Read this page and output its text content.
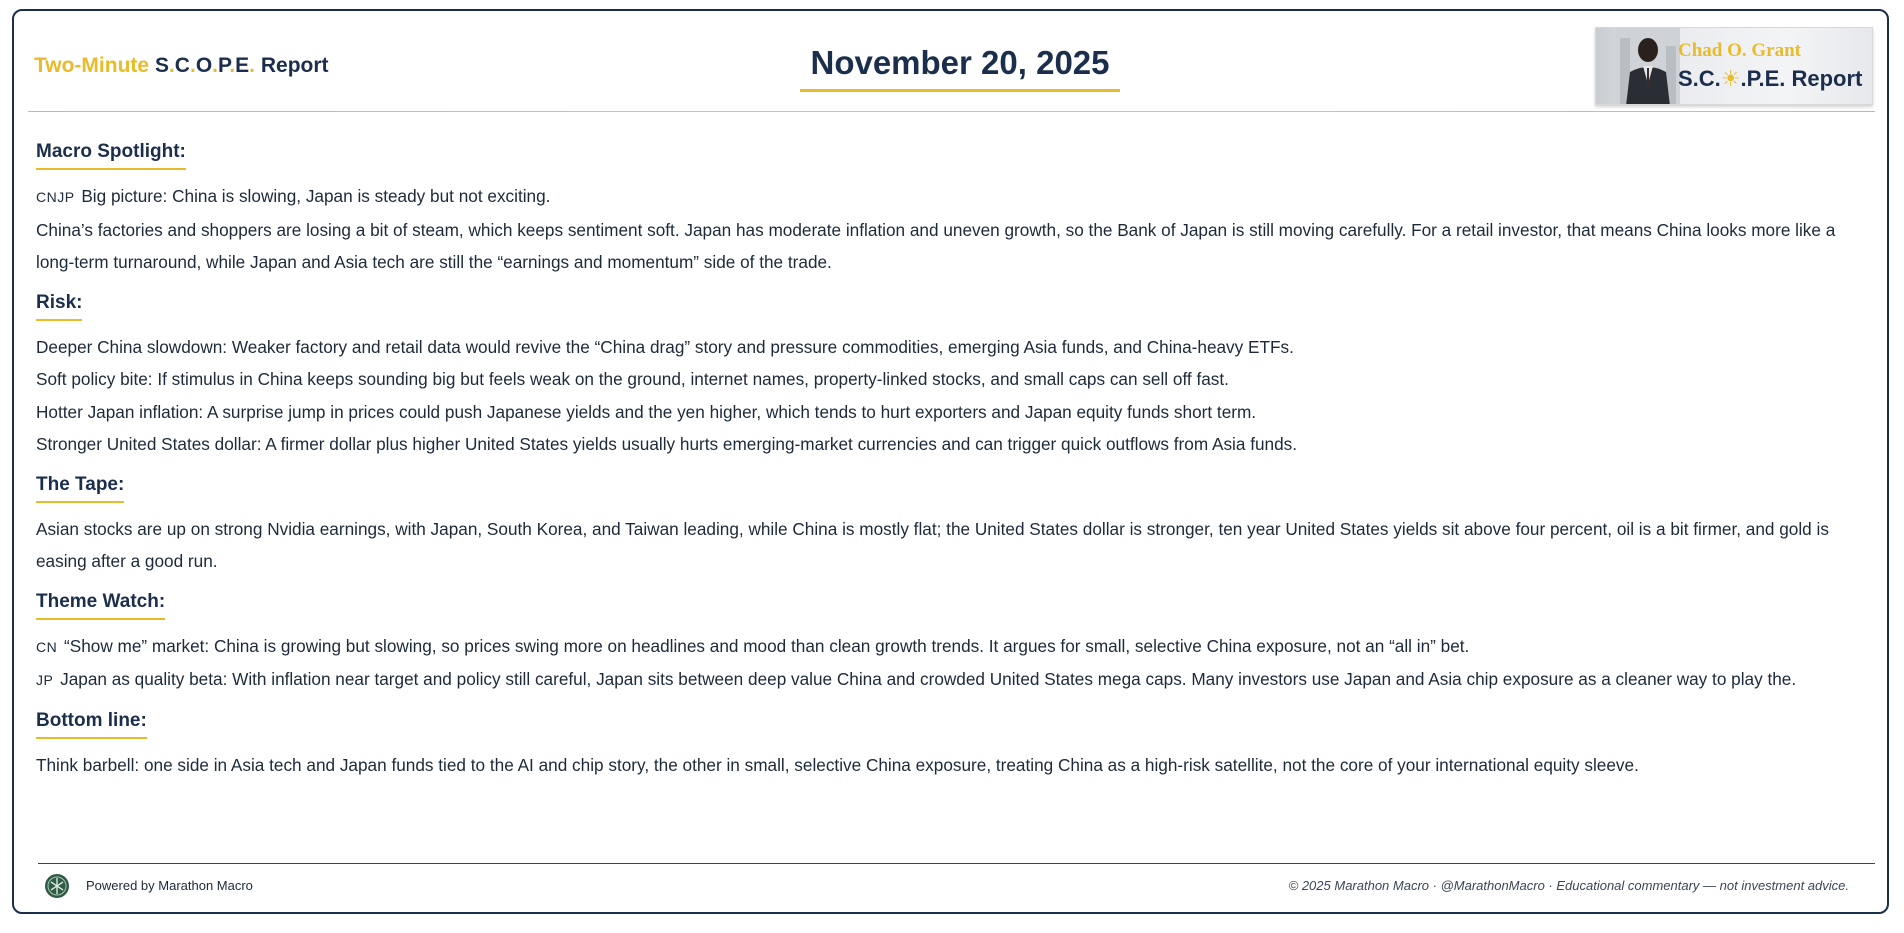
Two-Minute S.C.O.P.E. Report	November 20, 2025	Chad O. Grant
S.C.☀.P.E. Report
Macro Spotlight:
CNJP Big picture: China is slowing, Japan is steady but not exciting.
China’s factories and shoppers are losing a bit of steam, which keeps sentiment soft. Japan has moderate inflation and uneven growth, so the Bank of Japan is still moving carefully. For a retail investor, that means China looks more like a long-term turnaround, while Japan and Asia tech are still the “earnings and momentum” side of the trade.
Risk:
Deeper China slowdown: Weaker factory and retail data would revive the “China drag” story and pressure commodities, emerging Asia funds, and China-heavy ETFs.
Soft policy bite: If stimulus in China keeps sounding big but feels weak on the ground, internet names, property-linked stocks, and small caps can sell off fast.
Hotter Japan inflation: A surprise jump in prices could push Japanese yields and the yen higher, which tends to hurt exporters and Japan equity funds short term.
Stronger United States dollar: A firmer dollar plus higher United States yields usually hurts emerging-market currencies and can trigger quick outflows from Asia funds.
The Tape:
Asian stocks are up on strong Nvidia earnings, with Japan, South Korea, and Taiwan leading, while China is mostly flat; the United States dollar is stronger, ten year United States yields sit above four percent, oil is a bit firmer, and gold is easing after a good run.
Theme Watch:
CN “Show me” market: China is growing but slowing, so prices swing more on headlines and mood than clean growth trends. It argues for small, selective China exposure, not an “all in” bet.
JP Japan as quality beta: With inflation near target and policy still careful, Japan sits between deep value China and crowded United States mega caps. Many investors use Japan and Asia chip exposure as a cleaner way to play the.
Bottom line:
Think barbell: one side in Asia tech and Japan funds tied to the AI and chip story, the other in small, selective China exposure, treating China as a high-risk satellite, not the core of your international equity sleeve.
Powered by Marathon Macro	© 2025 Marathon Macro · @MarathonMacro · Educational commentary — not investment advice.
